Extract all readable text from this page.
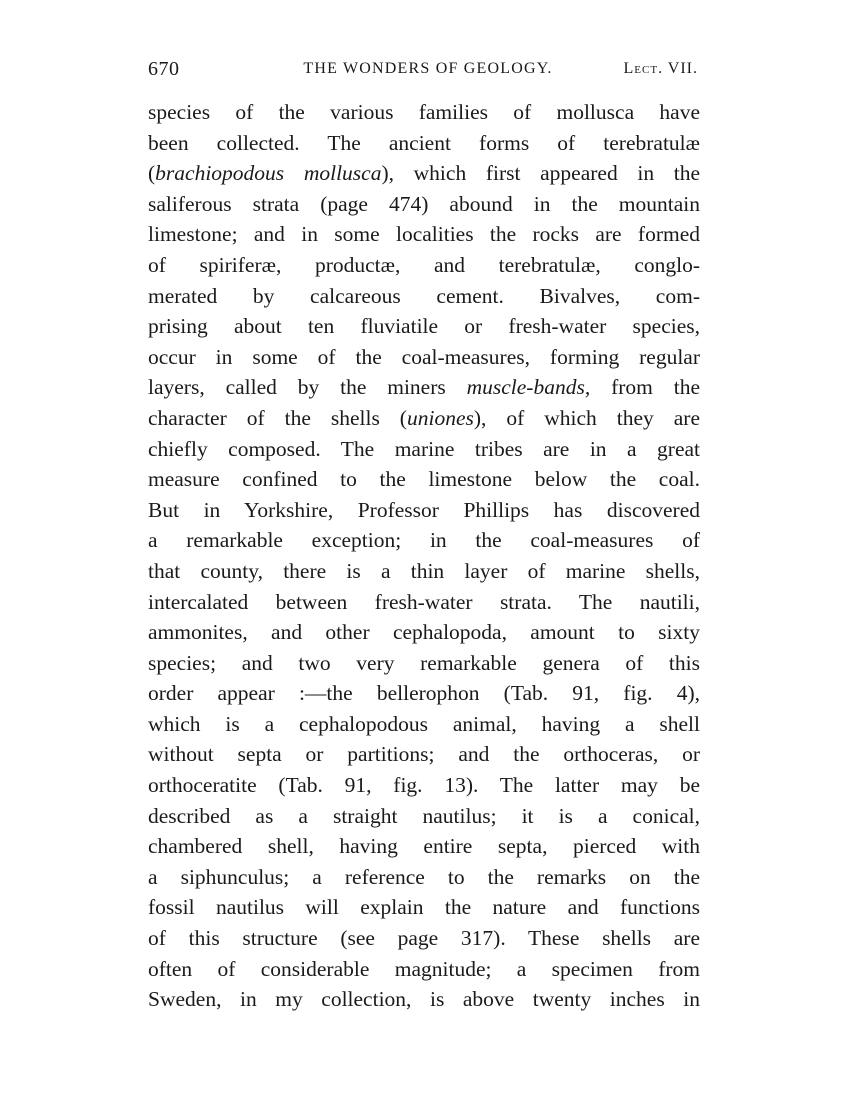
670	THE WONDERS OF GEOLOGY.	Lect. VII.
species of the various families of mollusca have
been collected. The ancient forms of terebratulæ
(brachiopodous mollusca), which first appeared in the
saliferous strata (page 474) abound in the mountain
limestone; and in some localities the rocks are formed
of spiriferæ, productæ, and terebratulæ, conglo-
merated by calcareous cement. Bivalves, com-
prising about ten fluviatile or fresh-water species,
occur in some of the coal-measures, forming regular
layers, called by the miners muscle-bands, from the
character of the shells (uniones), of which they are
chiefly composed. The marine tribes are in a great
measure confined to the limestone below the coal.
But in Yorkshire, Professor Phillips has discovered
a remarkable exception; in the coal-measures of
that county, there is a thin layer of marine shells,
intercalated between fresh-water strata. The nautili,
ammonites, and other cephalopoda, amount to sixty
species; and two very remarkable genera of this
order appear :—the bellerophon (Tab. 91, fig. 4),
which is a cephalopodous animal, having a shell
without septa or partitions; and the orthoceras, or
orthoceratite (Tab. 91, fig. 13). The latter may be
described as a straight nautilus; it is a conical,
chambered shell, having entire septa, pierced with
a siphunculus; a reference to the remarks on the
fossil nautilus will explain the nature and functions
of this structure (see page 317). These shells are
often of considerable magnitude; a specimen from
Sweden, in my collection, is above twenty inches in
